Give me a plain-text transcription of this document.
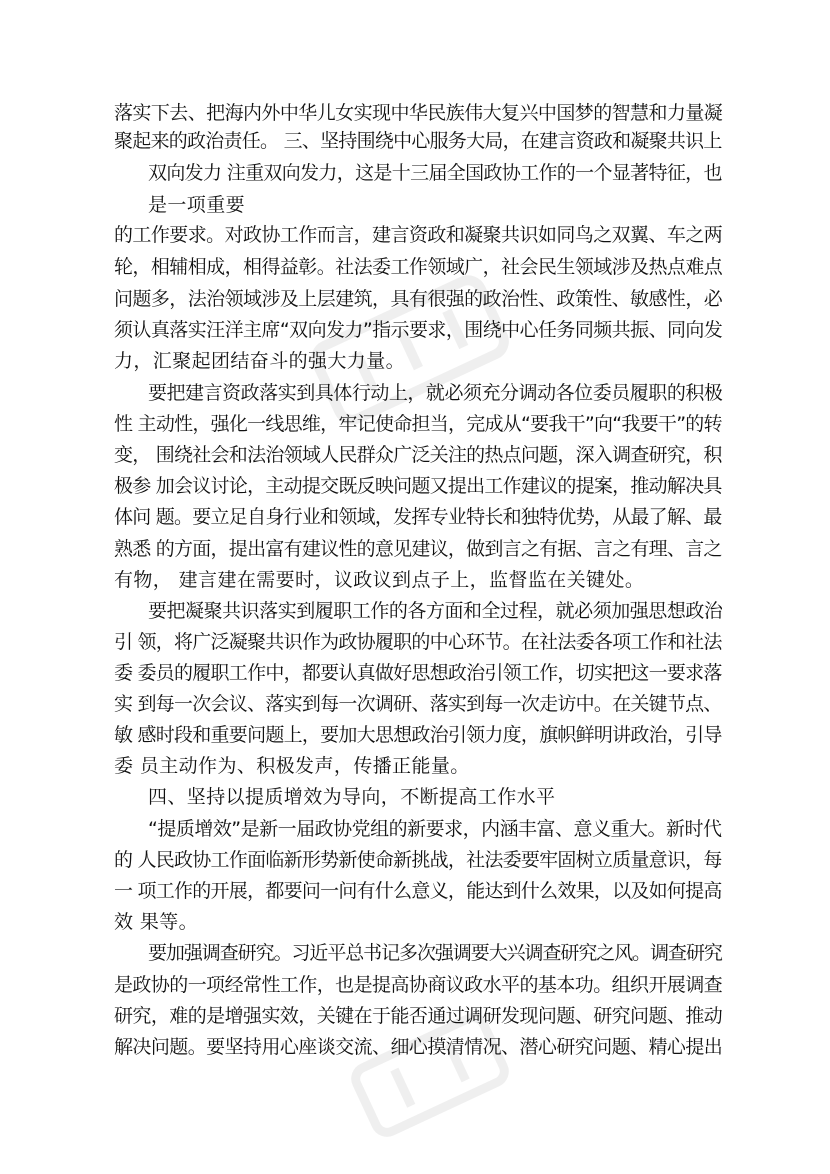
落实下去、把海内外中华儿女实现中华民族伟大复兴中国梦的智慧和力量凝
聚起来的政治责任。 三、坚持围绕中心服务大局，在建言资政和凝聚共识上
双向发力 注重双向发力，这是十三届全国政协工作的一个显著特征，也
是一项重要
的工作要求。对政协工作而言，建言资政和凝聚共识如同鸟之双翼、车之两
轮，相辅相成，相得益彰。社法委工作领域广，社会民生领域涉及热点难点
问题多，法治领域涉及上层建筑，具有很强的政治性、政策性、敏感性，必
须认真落实汪洋主席“双向发力”指示要求，围绕中心任务同频共振、同向发
力，汇聚起团结奋斗的强大力量。
要把建言资政落实到具体行动上，就必须充分调动各位委员履职的积极
性 主动性，强化一线思维，牢记使命担当，完成从“要我干”向“我要干”的转
变， 围绕社会和法治领域人民群众广泛关注的热点问题，深入调查研究，积
极参 加会议讨论，主动提交既反映问题又提出工作建议的提案，推动解决具
体问 题。要立足自身行业和领域，发挥专业特长和独特优势，从最了解、最
熟悉 的方面，提出富有建议性的意见建议，做到言之有据、言之有理、言之
有物， 建言建在需要时，议政议到点子上，监督监在关键处。
要把凝聚共识落实到履职工作的各方面和全过程，就必须加强思想政治
引 领，将广泛凝聚共识作为政协履职的中心环节。在社法委各项工作和社法
委 委员的履职工作中，都要认真做好思想政治引领工作，切实把这一要求落
实 到每一次会议、落实到每一次调研、落实到每一次走访中。在关键节点、
敏 感时段和重要问题上，要加大思想政治引领力度，旗帜鲜明讲政治，引导
委 员主动作为、积极发声，传播正能量。
四、坚持以提质增效为导向，不断提高工作水平
“提质增效”是新一届政协党组的新要求，内涵丰富、意义重大。新时代
的 人民政协工作面临新形势新使命新挑战，社法委要牢固树立质量意识，每
一 项工作的开展，都要问一问有什么意义，能达到什么效果，以及如何提高
效 果等。
要加强调查研究。习近平总书记多次强调要大兴调查研究之风。调查研究
是政协的一项经常性工作，也是提高协商议政水平的基本功。组织开展调查
研究，难的是增强实效，关键在于能否通过调研发现问题、研究问题、推动
解决问题。要坚持用心座谈交流、细心摸清情况、潜心研究问题、精心提出
